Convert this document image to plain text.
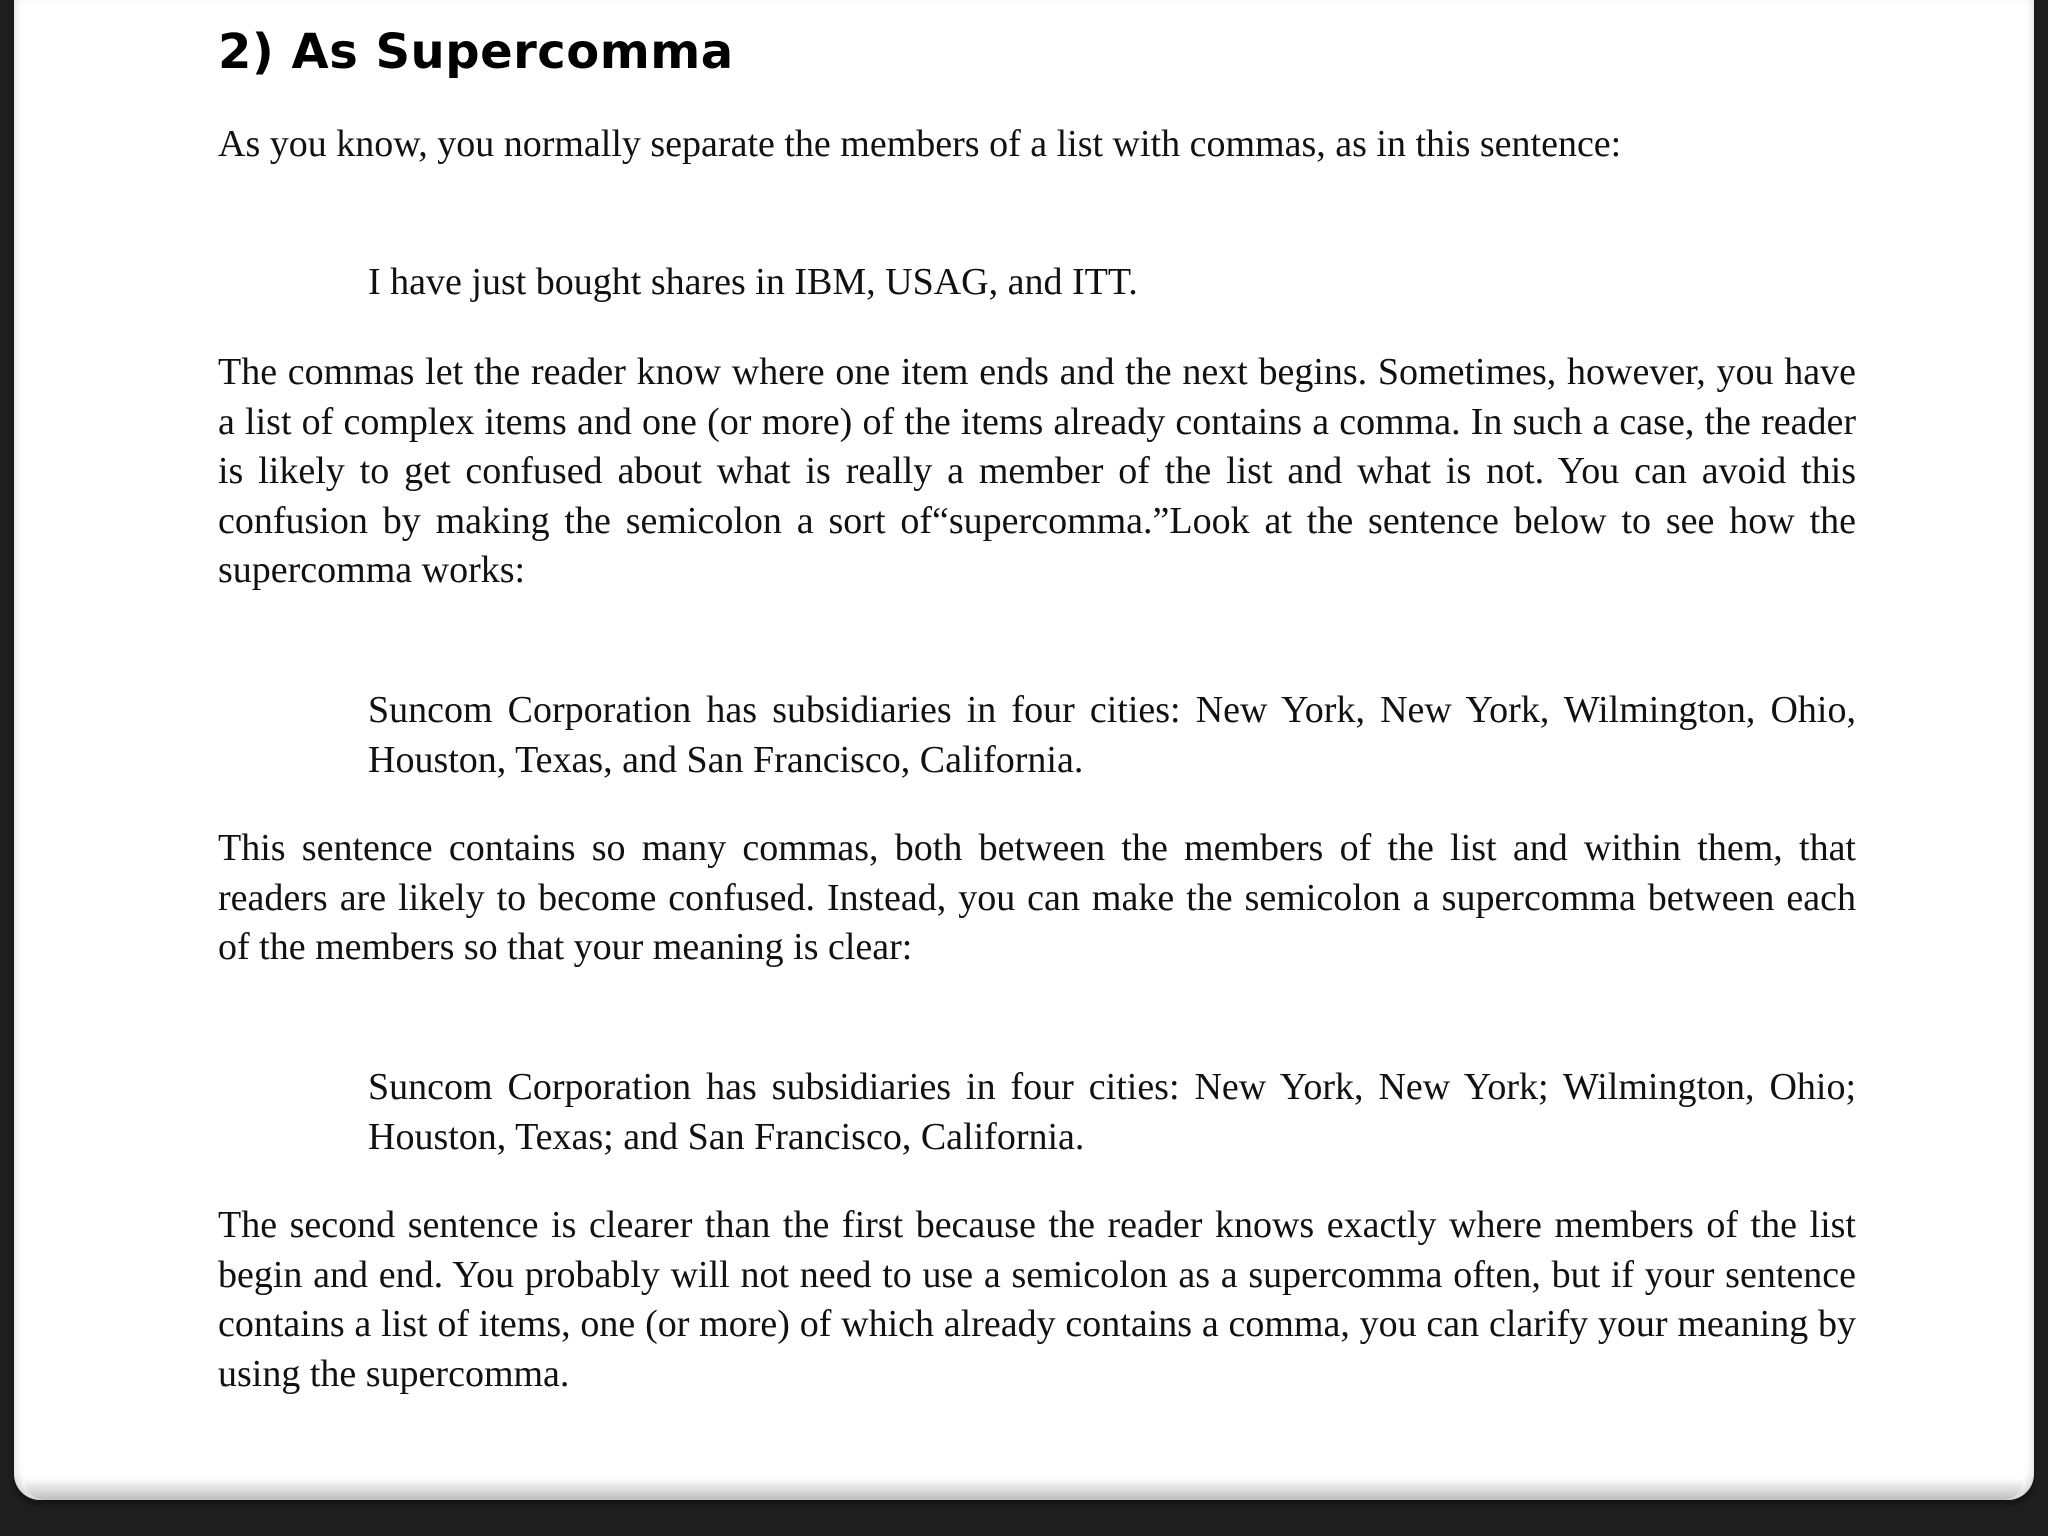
2) As Supercomma

As you know, you normally separate the members of a list with commas, as in this sentence:

I have just bought shares in IBM, USAG, and ITT.

The commas let the reader know where one item ends and the next begins. Sometimes, however, you have a list of complex items and one (or more) of the items already contains a comma. In such a case, the reader is likely to get confused about what is really a member of the list and what is not. You can avoid this confusion by making the semicolon a sort of“supercomma.”Look at the sentence below to see how the supercomma works:

Suncom Corporation has subsidiaries in four cities: New York, New York, Wilmington, Ohio, Houston, Texas, and San Francisco, California.

This sentence contains so many commas, both between the members of the list and within them, that readers are likely to become confused. Instead, you can make the semicolon a supercomma between each of the members so that your meaning is clear:

Suncom Corporation has subsidiaries in four cities: New York, New York; Wilmington, Ohio; Houston, Texas; and San Francisco, California.

The second sentence is clearer than the first because the reader knows exactly where members of the list begin and end. You probably will not need to use a semicolon as a supercomma often, but if your sentence contains a list of items, one (or more) of which already contains a comma, you can clarify your meaning by using the supercomma.
